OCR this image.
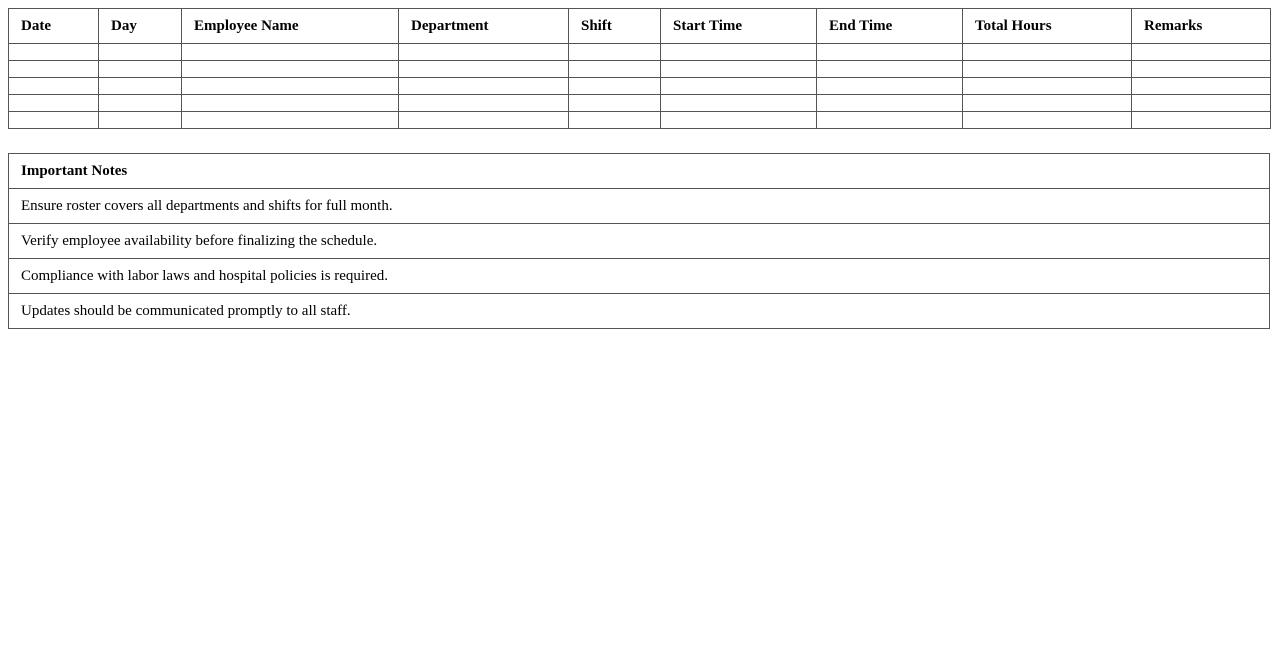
Date	Day	Employee Name	Department	Shift	Start Time	End Time	Total Hours	Remarks

Important Notes
Ensure roster covers all departments and shifts for full month.
Verify employee availability before finalizing the schedule.
Compliance with labor laws and hospital policies is required.
Updates should be communicated promptly to all staff.
